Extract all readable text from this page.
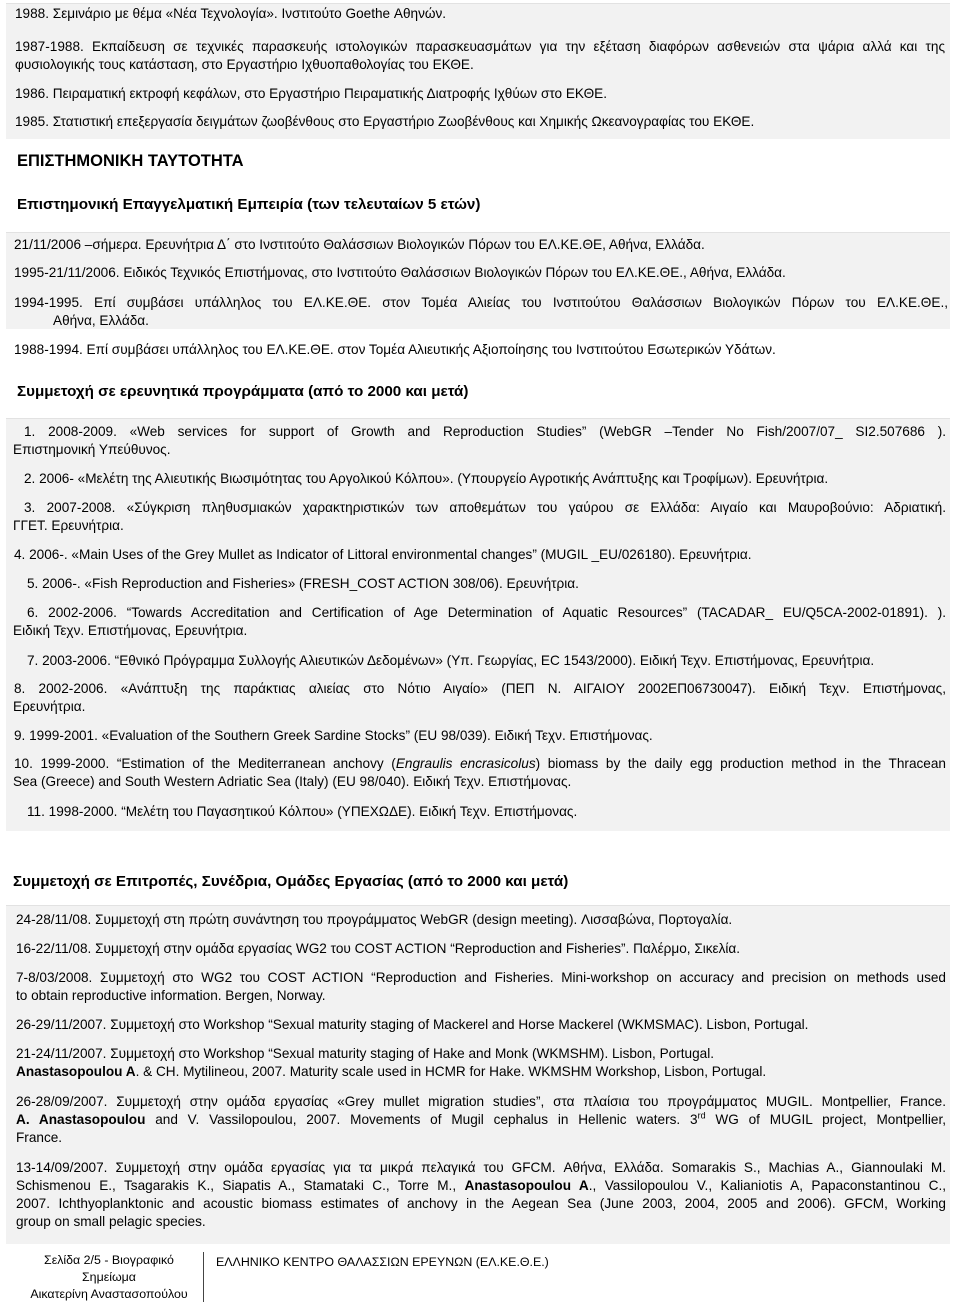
1988. Σεμινάριο με θέμα «Νέα Τεχνολογία». Ινστιτούτο Goethe Αθηνών.
1987-1988. Εκπαίδευση σε τεχνικές παρασκευής ιστολογικών παρασκευασμάτων για την εξέταση διαφόρων ασθενειών στα ψάρια αλλά και της
φυσιολογικής τους κατάσταση, στο Εργαστήριο Ιχθυοπαθολογίας του ΕΚΘΕ.
1986. Πειραματική εκτροφή κεφάλων, στο Εργαστήριο Πειραματικής Διατροφής Ιχθύων στο ΕΚΘΕ.
1985. Στατιστική επεξεργασία δειγμάτων ζωοβένθους στο Εργαστήριο Ζωοβένθους και Χημικής Ωκεανογραφίας του ΕΚΘΕ.
ΕΠΙΣΤΗΜΟΝΙΚΗ ΤΑΥΤΟΤΗΤΑ
Επιστημονική Επαγγελματική Εμπειρία (των τελευταίων 5 ετών)
21/11/2006 –σήμερα. Ερευνήτρια Δ΄ στο Ινστιτούτο Θαλάσσιων Βιολογικών Πόρων του ΕΛ.ΚΕ.ΘΕ, Αθήνα, Ελλάδα.
1995-21/11/2006. Ειδικός Τεχνικός Επιστήμονας, στο Ινστιτούτο Θαλάσσιων Βιολογικών Πόρων του ΕΛ.ΚΕ.ΘΕ., Αθήνα, Ελλάδα.
1994-1995. Επί συμβάσει υπάλληλος του ΕΛ.ΚΕ.ΘΕ. στον Τομέα Αλιείας του Ινστιτούτου Θαλάσσιων Βιολογικών Πόρων του ΕΛ.ΚΕ.ΘΕ.,
Αθήνα, Ελλάδα.
1988-1994. Επί συμβάσει υπάλληλος του ΕΛ.ΚΕ.ΘΕ. στον Τομέα Αλιευτικής Αξιοποίησης του Ινστιτούτου Εσωτερικών Υδάτων.
Συμμετοχή σε ερευνητικά προγράμματα (από το 2000 και μετά)
1. 2008-2009. «Web services for support of Growth and Reproduction Studies” (WebGR –Tender No Fish/2007/07_ SI2.507686 ).
Επιστημονική Υπεύθυνος.
2. 2006- «Μελέτη της Αλιευτικής Βιωσιμότητας του Αργολικού Κόλπου». (Υπουργείο Αγροτικής Ανάπτυξης και Τροφίμων). Ερευνήτρια.
3. 2007-2008. «Σύγκριση πληθυσμιακών χαρακτηριστικών των αποθεμάτων του γαύρου σε Ελλάδα: Αιγαίο και Μαυροβούνιο: Αδριατική.
ΓΓΕΤ. Ερευνήτρια.
4. 2006-. «Main Uses of the Grey Mullet as Indicator of Littoral environmental changes” (MUGIL _EU/026180). Ερευνήτρια.
5. 2006-. «Fish Reproduction and Fisheries» (FRESH_COST ACTION 308/06). Ερευνήτρια.
6. 2002-2006. “Towards Accreditation and Certification of Age Determination of Aquatic Resources” (TACADAR_ EU/Q5CA-2002-01891). ).
Ειδική Τεχν. Επιστήμονας, Ερευνήτρια.
7. 2003-2006. “Εθνικό Πρόγραμμα Συλλογής Αλιευτικών Δεδομένων» (Υπ. Γεωργίας, EC 1543/2000). Ειδική Τεχν. Επιστήμονας, Ερευνήτρια.
8. 2002-2006. «Ανάπτυξη της παράκτιας αλιείας στο Νότιο Αιγαίο» (ΠΕΠ Ν. ΑΙΓΑΙΟΥ 2002ΕΠ06730047). Ειδική Τεχν. Επιστήμονας,
Ερευνήτρια.
9. 1999-2001. «Evaluation of the Southern Greek Sardine Stocks” (EU 98/039). Ειδική Τεχν. Επιστήμονας.
10. 1999-2000. “Estimation of the Mediterranean anchovy (Engraulis encrasicolus) biomass by the daily egg production method in the Thracean
Sea (Greece) and South Western Adriatic Sea (Italy) (EU 98/040). Ειδική Τεχν. Επιστήμονας.
11. 1998-2000. “Μελέτη του Παγασητικού Κόλπου» (ΥΠΕΧΩΔΕ). Ειδική Τεχν. Επιστήμονας.
Συμμετοχή σε Επιτροπές, Συνέδρια, Ομάδες Εργασίας (από το 2000 και μετά)
24-28/11/08. Συμμετοχή στη πρώτη συνάντηση του προγράμματος WebGR (design meeting). Λισσαβώνα, Πορτογαλία.
16-22/11/08. Συμμετοχή στην ομάδα εργασίας WG2 του COST ACTION “Reproduction and Fisheries”. Παλέρμο, Σικελία.
7-8/03/2008. Συμμετοχή στο WG2 του COST ACTION “Reproduction and Fisheries. Mini-workshop on accuracy and precision on methods used
to obtain reproductive information. Bergen, Norway.
26-29/11/2007. Συμμετοχή στο Workshop “Sexual maturity staging of Mackerel and Horse Mackerel (WKMSMAC). Lisbon, Portugal.
21-24/11/2007. Συμμετοχή στο Workshop “Sexual maturity staging of Hake and Monk (WKMSHM). Lisbon, Portugal.
Anastasopoulou A. & CH. Mytilineou, 2007. Maturity scale used in HCMR for Hake. WKMSHM Workshop, Lisbon, Portugal.
26-28/09/2007. Συμμετοχή στην ομάδα εργασίας «Grey mullet migration studies”, στα πλαίσια του προγράμματος MUGIL. Montpellier, France.
A. Anastasopoulou and V. Vassilopoulou, 2007. Movements of Mugil cephalus in Hellenic waters. 3rd WG of MUGIL project, Montpellier,
France.
13-14/09/2007. Συμμετοχή στην ομάδα εργασίας για τα μικρά πελαγικά του GFCM. Αθήνα, Ελλάδα. Somarakis S., Machias A., Giannoulaki M.
Schismenou E., Tsagarakis K., Siapatis A., Stamataki C., Torre M., Anastasopoulou A., Vassilopoulou V., Kalianiotis A, Papaconstantinou C.,
2007. Ichthyoplanktonic and acoustic biomass estimates of anchovy in the Aegean Sea (June 2003, 2004, 2005 and 2006). GFCM, Working
group on small pelagic species.
Σελίδα 2/5 - Βιογραφικό
Σημείωμα
Αικατερίνη Αναστασοπούλου
ΕΛΛΗΝΙΚΟ ΚΕΝΤΡΟ ΘΑΛΑΣΣΙΩΝ ΕΡΕΥΝΩΝ (ΕΛ.ΚΕ.Θ.Ε.)
